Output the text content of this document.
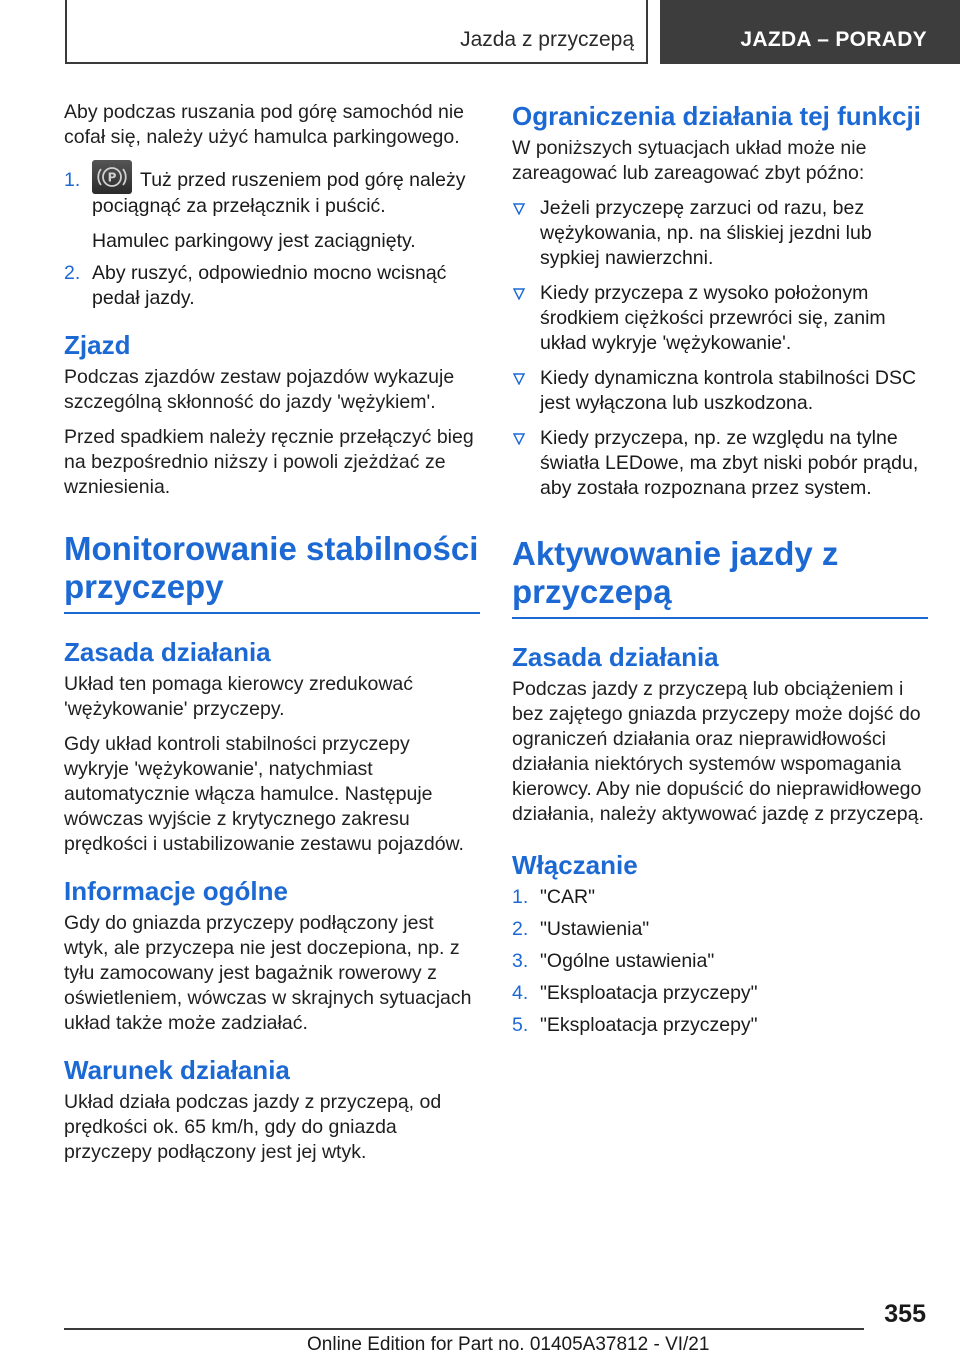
Jazda z przyczepą	JAZDA – PORADY

Aby podczas ruszania pod górę samochód nie cofał się, należy użyć hamulca parkingowego.

1. P Tuż przed ruszeniem pod górę należy pociągnąć za przełącznik i puścić.
Hamulec parkingowy jest zaciągnięty.
2. Aby ruszyć, odpowiednio mocno wcisnąć pedał jazdy.
Zjazd

Podczas zjazdów zestaw pojazdów wykazuje szczególną skłonność do jazdy 'wężykiem'.

Przed spadkiem należy ręcznie przełączyć bieg na bezpośrednio niższy i powoli zjeżdżać ze wzniesienia.

Monitorowanie stabilności przyczepy
Zasada działania

Układ ten pomaga kierowcy zredukować 'wężykowanie' przyczepy.

Gdy układ kontroli stabilności przyczepy wykryje 'wężykowanie', natychmiast automatycznie włącza hamulce. Następuje wówczas wyjście z krytycznego zakresu prędkości i ustabilizowanie zestawu pojazdów.

Informacje ogólne

Gdy do gniazda przyczepy podłączony jest wtyk, ale przyczepa nie jest doczepiona, np. z tyłu zamocowany jest bagażnik rowerowy z oświetleniem, wówczas w skrajnych sytuacjach układ także może zadziałać.

Warunek działania

Układ działa podczas jazdy z przyczepą, od prędkości ok. 65 km/h, gdy do gniazda przyczepy podłączony jest jej wtyk.

Ograniczenia działania tej funkcji

W poniższych sytuacjach układ może nie zareagować lub zareagować zbyt późno:

Jeżeli przyczepę zarzuci od razu, bez wężykowania, np. na śliskiej jezdni lub sypkiej nawierzchni.
Kiedy przyczepa z wysoko położonym środkiem ciężkości przewróci się, zanim układ wykryje 'wężykowanie'.
Kiedy dynamiczna kontrola stabilności DSC jest wyłączona lub uszkodzona.
Kiedy przyczepa, np. ze względu na tylne światła LEDowe, ma zbyt niski pobór prądu, aby została rozpoznana przez system.
Aktywowanie jazdy z przyczepą
Zasada działania

Podczas jazdy z przyczepą lub obciążeniem i bez zajętego gniazda przyczepy może dojść do ograniczeń działania oraz nieprawidłowości działania niektórych systemów wspomagania kierowcy. Aby nie dopuścić do nieprawidłowego działania, należy aktywować jazdę z przyczepą.

Włączanie
1. "CAR"
2. "Ustawienia"
3. "Ogólne ustawienia"
4. "Eksploatacja przyczepy"
5. "Eksploatacja przyczepy"
355
Online Edition for Part no. 01405A37812 - VI/21
